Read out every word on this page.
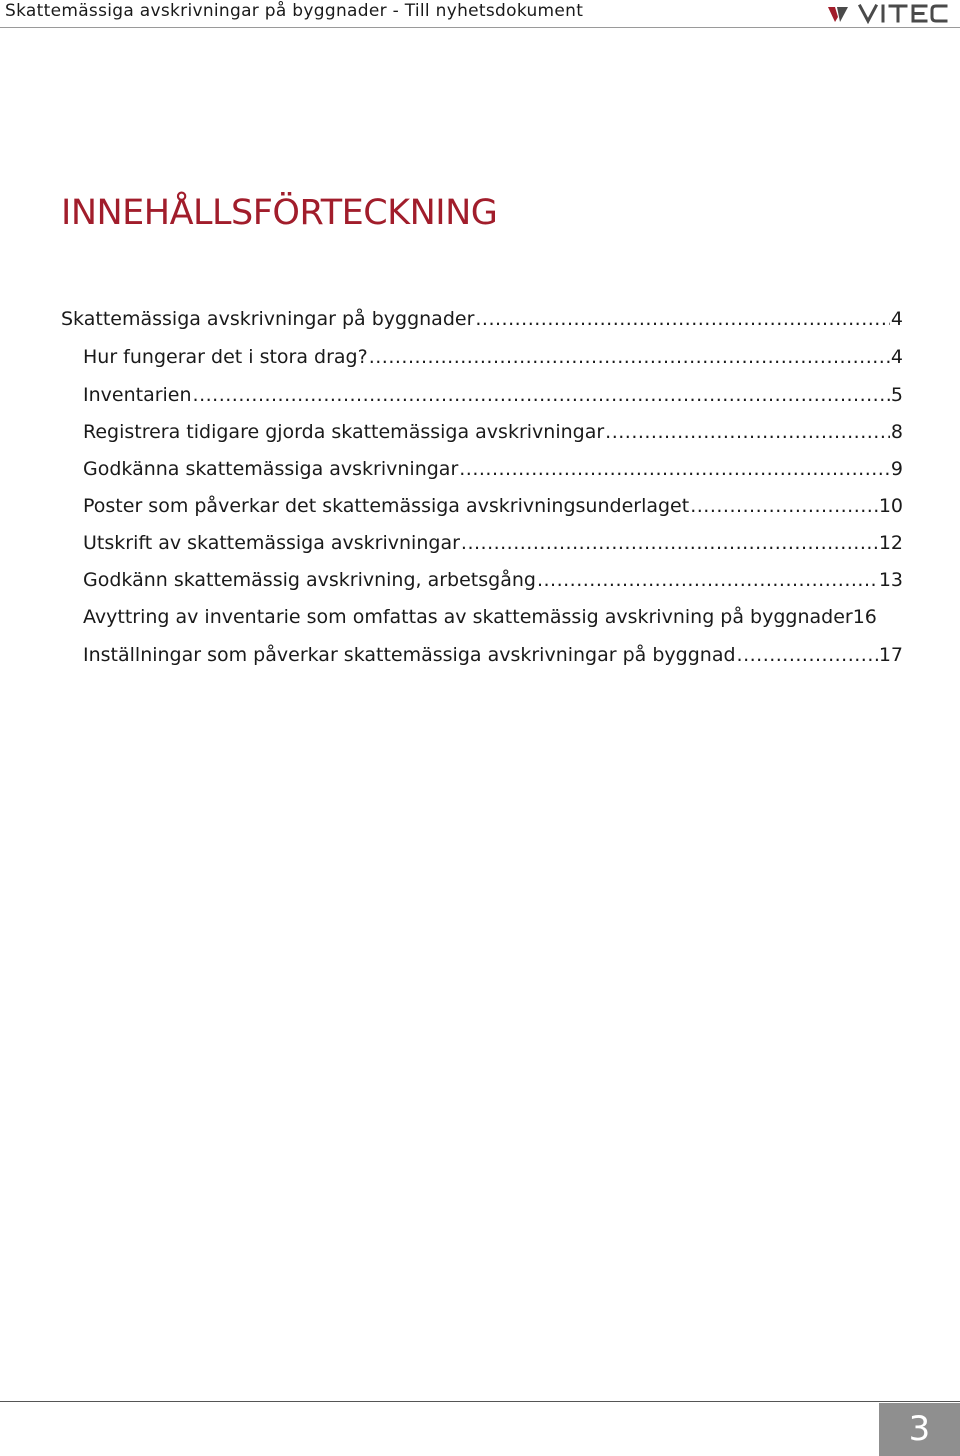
Skattemässiga avskrivningar på byggnader - Till nyhetsdokument
INNEHÅLLSFÖRTECKNING
Skattemässiga avskrivningar på byggnader .....	4
Hur fungerar det i stora drag? .....	4
Inventarien .....	5
Registrera tidigare gjorda skattemässiga avskrivningar .....	8
Godkänna skattemässiga avskrivningar .....	9
Poster som påverkar det skattemässiga avskrivningsunderlaget .....	10
Utskrift av skattemässiga avskrivningar .....	12
Godkänn skattemässig avskrivning, arbetsgång .....	13
Avyttring av inventarie som omfattas av skattemässig avskrivning på byggnader 16
Inställningar som påverkar skattemässiga avskrivningar på byggnad .....	17
3
